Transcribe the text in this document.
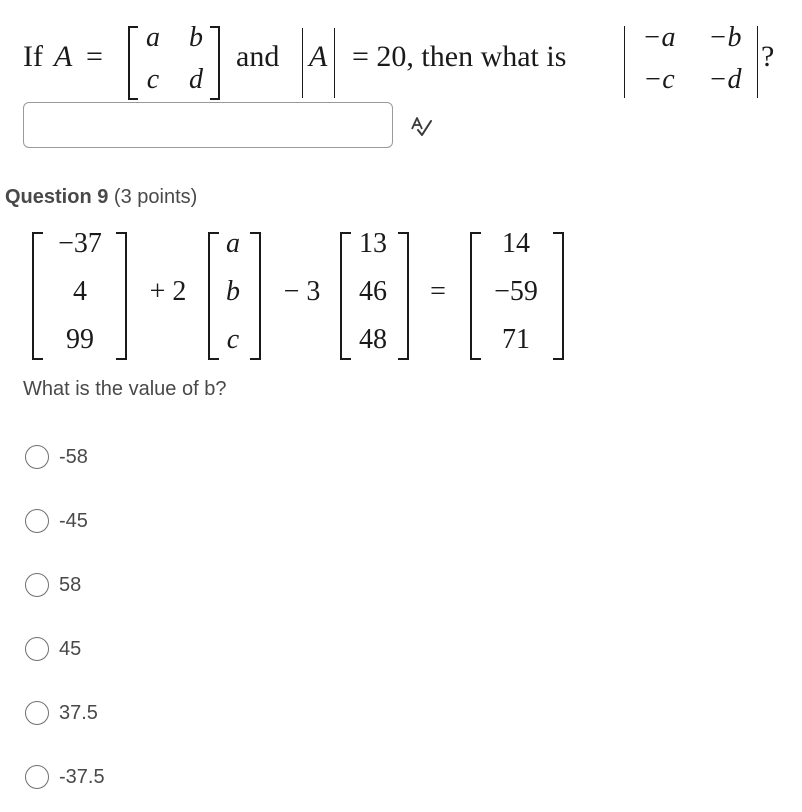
If A =
a b
c d
and A = 20, then what is
−a	−b
−c	−d
?
Question 9 (3 points)
−37
4
99
+ 2
a
b
c
− 3
13
46
48
=
14
−59
71
What is the value of b?
-58
-45
58
45
37.5
-37.5
